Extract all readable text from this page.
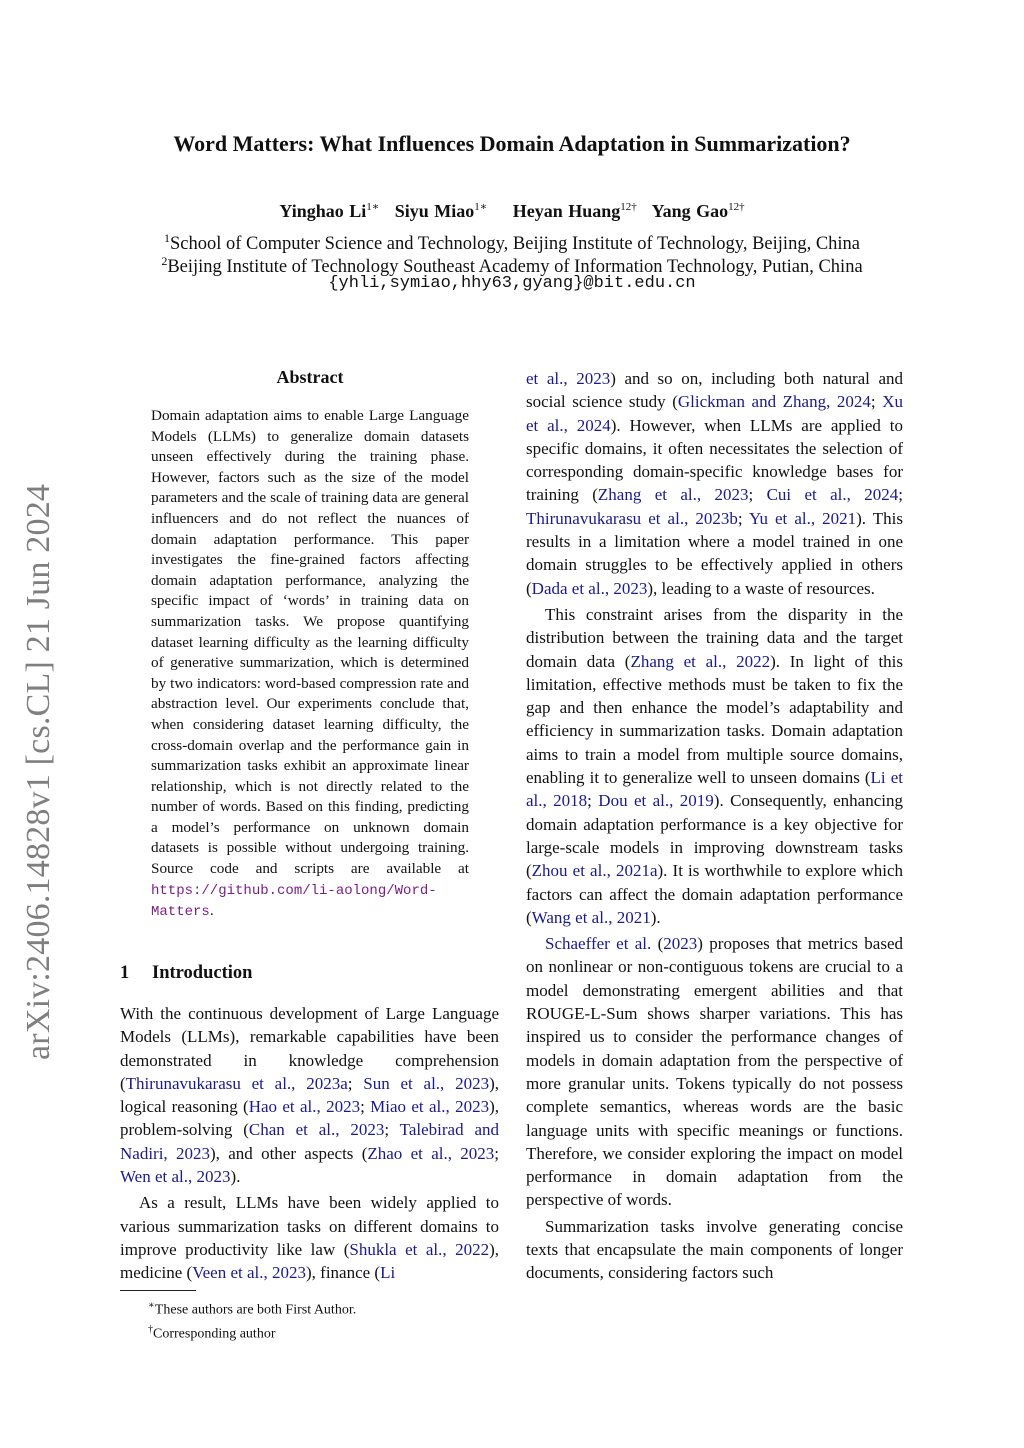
Word Matters: What Influences Domain Adaptation in Summarization?
Yinghao $Li^{1∗}$ Siyu Miao$^{1∗}$ Heyan Huang$^{12\dagger}$ Yang Gao$^{12\dagger}$
$^1$School of Computer Science and Technology, Beijing Institute of Technology, Beijing, China
$^2$Beijing Institute of Technology Southeast Academy of Information Technology, Putian, China
{yhli,symiao,hhy63,gyang}@bit.edu.cn
arXiv:2406.14828v1 [cs.CL] 21 Jun 2024
Abstract
Domain adaptation aims to enable Large Language Models (LLMs) to generalize domain datasets unseen effectively during the training phase. However, factors such as the size of the model parameters and the scale of training data are general influencers and do not reflect the nuances of domain adaptation performance. This paper investigates the fine-grained factors affecting domain adaptation performance, analyzing the specific impact of ‘words’ in training data on summarization tasks. We propose quantifying dataset learning difficulty as the learning difficulty of generative summarization, which is determined by two indicators: word-based compression rate and abstraction level. Our experiments conclude that, when considering dataset learning difficulty, the cross-domain overlap and the performance gain in summarization tasks exhibit an approximate linear relationship, which is not directly related to the number of words. Based on this finding, predicting a model’s performance on unknown domain datasets is possible without undergoing training. Source code and scripts are available at https://github.com/li-aolong/Word-Matters.
1 Introduction

With the continuous development of Large Language Models (LLMs), remarkable capabilities have been demonstrated in knowledge comprehension (Thirunavukarasu et al., 2023a; Sun et al., 2023), logical reasoning (Hao et al., 2023; Miao et al., 2023), problem-solving (Chan et al., 2023; Talebirad and Nadiri, 2023), and other aspects (Zhao et al., 2023; Wen et al., 2023).

As a result, LLMs have been widely applied to various summarization tasks on different domains to improve productivity like law (Shukla et al., 2022), medicine (Veen et al., 2023), finance (Li

∗These authors are both First Author.
†Corresponding author

et al., 2023) and so on, including both natural and social science study (Glickman and Zhang, 2024; Xu et al., 2024). However, when LLMs are applied to specific domains, it often necessitates the selection of corresponding domain-specific knowledge bases for training (Zhang et al., 2023; Cui et al., 2024; Thirunavukarasu et al., 2023b; Yu et al., 2021). This results in a limitation where a model trained in one domain struggles to be effectively applied in others (Dada et al., 2023), leading to a waste of resources.

This constraint arises from the disparity in the distribution between the training data and the target domain data (Zhang et al., 2022). In light of this limitation, effective methods must be taken to fix the gap and then enhance the model’s adaptability and efficiency in summarization tasks. Domain adaptation aims to train a model from multiple source domains, enabling it to generalize well to unseen domains (Li et al., 2018; Dou et al., 2019). Consequently, enhancing domain adaptation performance is a key objective for large-scale models in improving downstream tasks (Zhou et al., 2021a). It is worthwhile to explore which factors can affect the domain adaptation performance (Wang et al., 2021).

Schaeffer et al. (2023) proposes that metrics based on nonlinear or non-contiguous tokens are crucial to a model demonstrating emergent abilities and that ROUGE-L-Sum shows sharper variations. This has inspired us to consider the performance changes of models in domain adaptation from the perspective of more granular units. Tokens typically do not possess complete semantics, whereas words are the basic language units with specific meanings or functions. Therefore, we consider exploring the impact on model performance in domain adaptation from the perspective of words.

Summarization tasks involve generating concise texts that encapsulate the main components of longer documents, considering factors such
